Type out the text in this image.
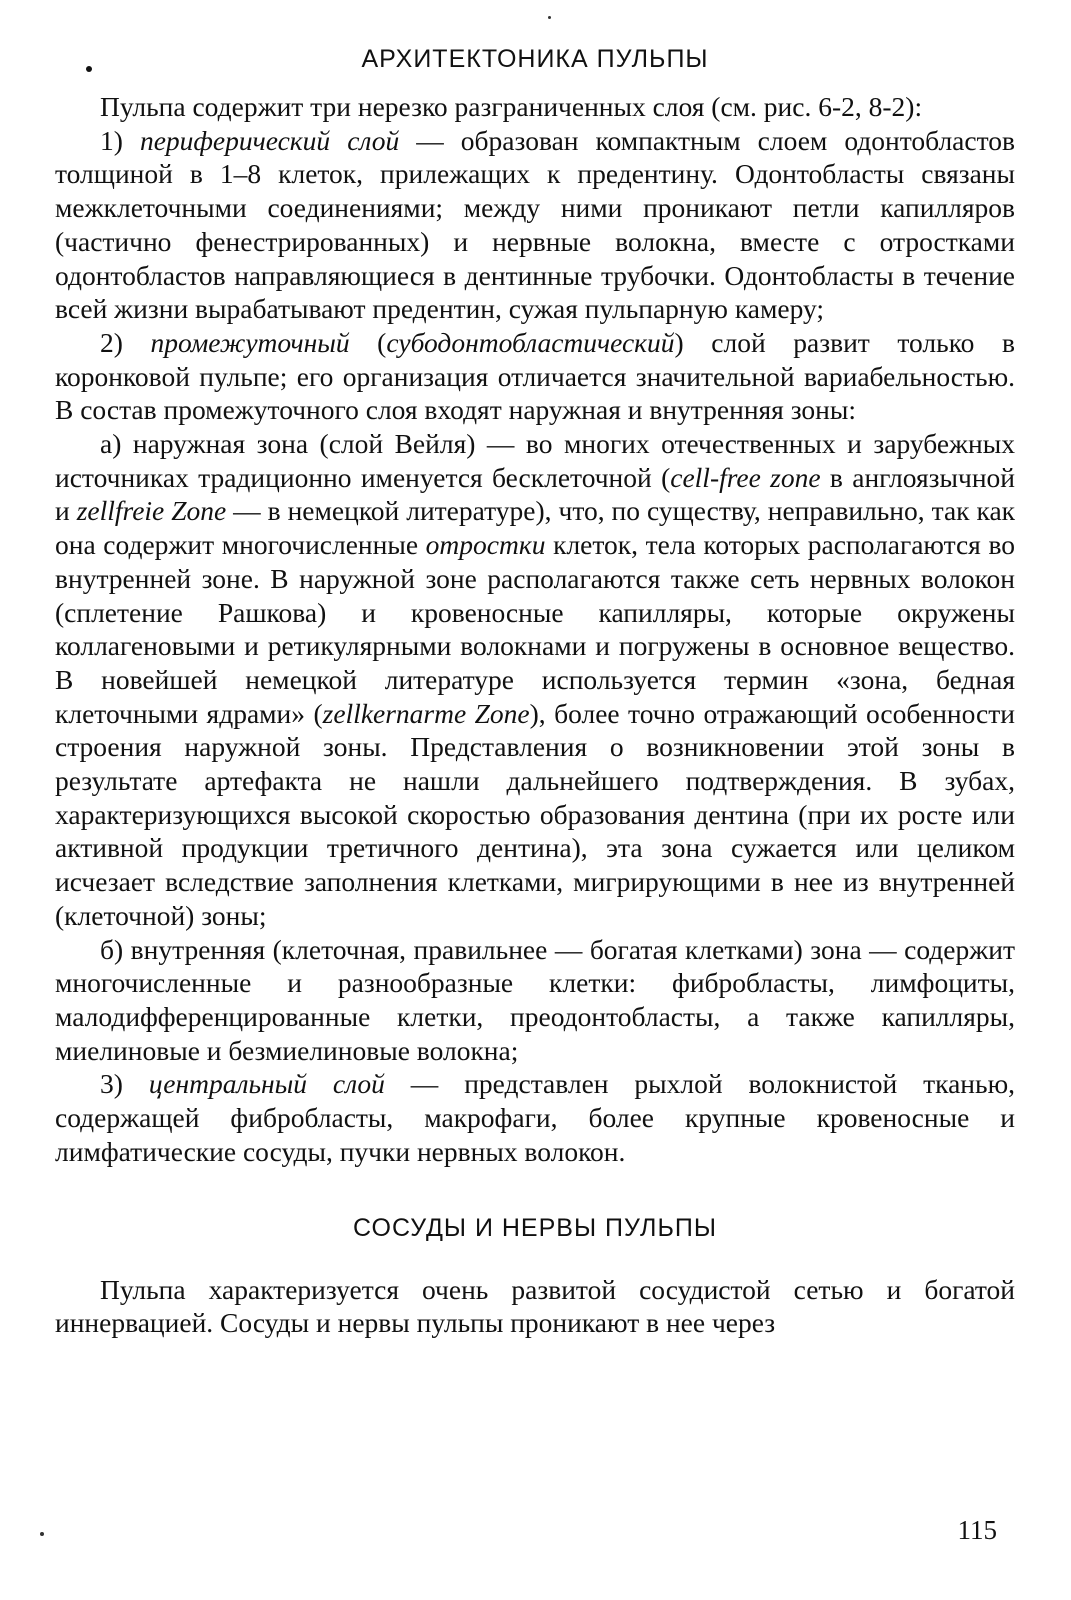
АРХИТЕКТОНИКА ПУЛЬПЫ

Пульпа содержит три нерезко разграниченных слоя (см. рис. 6-2, 8-2):

1) периферический слой — образован компактным слоем одонтобластов толщиной в 1–8 клеток, прилежащих к предентину. Одонтобласты связаны межклеточными соединениями; между ними проникают петли капилляров (частично фенестрированных) и нервные волокна, вместе с отростками одонтобластов направляющиеся в дентинные трубочки. Одонтобласты в течение всей жизни вырабатывают предентин, сужая пульпарную камеру;

2) промежуточный (субодонтобластический) слой развит только в коронковой пульпе; его организация отличается значительной вариабельностью. В состав промежуточного слоя входят наружная и внутренняя зоны:

а) наружная зона (слой Вейля) — во многих отечественных и зарубежных источниках традиционно именуется бесклеточной (cell-free zone в англоязычной и zellfreie Zone — в немецкой литературе), что, по существу, неправильно, так как она содержит многочисленные отростки клеток, тела которых располагаются во внутренней зоне. В наружной зоне располагаются также сеть нервных волокон (сплетение Рашкова) и кровеносные капилляры, которые окружены коллагеновыми и ретикулярными волокнами и погружены в основное вещество. В новейшей немецкой литературе используется термин «зона, бедная клеточными ядрами» (zellkernarme Zone), более точно отражающий особенности строения наружной зоны. Представления о возникновении этой зоны в результате артефакта не нашли дальнейшего подтверждения. В зубах, характеризующихся высокой скоростью образования дентина (при их росте или активной продукции третичного дентина), эта зона сужается или целиком исчезает вследствие заполнения клетками, мигрирующими в нее из внутренней (клеточной) зоны;

б) внутренняя (клеточная, правильнее — богатая клетками) зона — содержит многочисленные и разнообразные клетки: фибробласты, лимфоциты, малодифференцированные клетки, преодонтобласты, а также капилляры, миелиновые и безмиелиновые волокна;

3) центральный слой — представлен рыхлой волокнистой тканью, содержащей фибробласты, макрофаги, более крупные кровеносные и лимфатические сосуды, пучки нервных волокон.

СОСУДЫ И НЕРВЫ ПУЛЬПЫ

Пульпа характеризуется очень развитой сосудистой сетью и богатой иннервацией. Сосуды и нервы пульпы проникают в нее через

115
